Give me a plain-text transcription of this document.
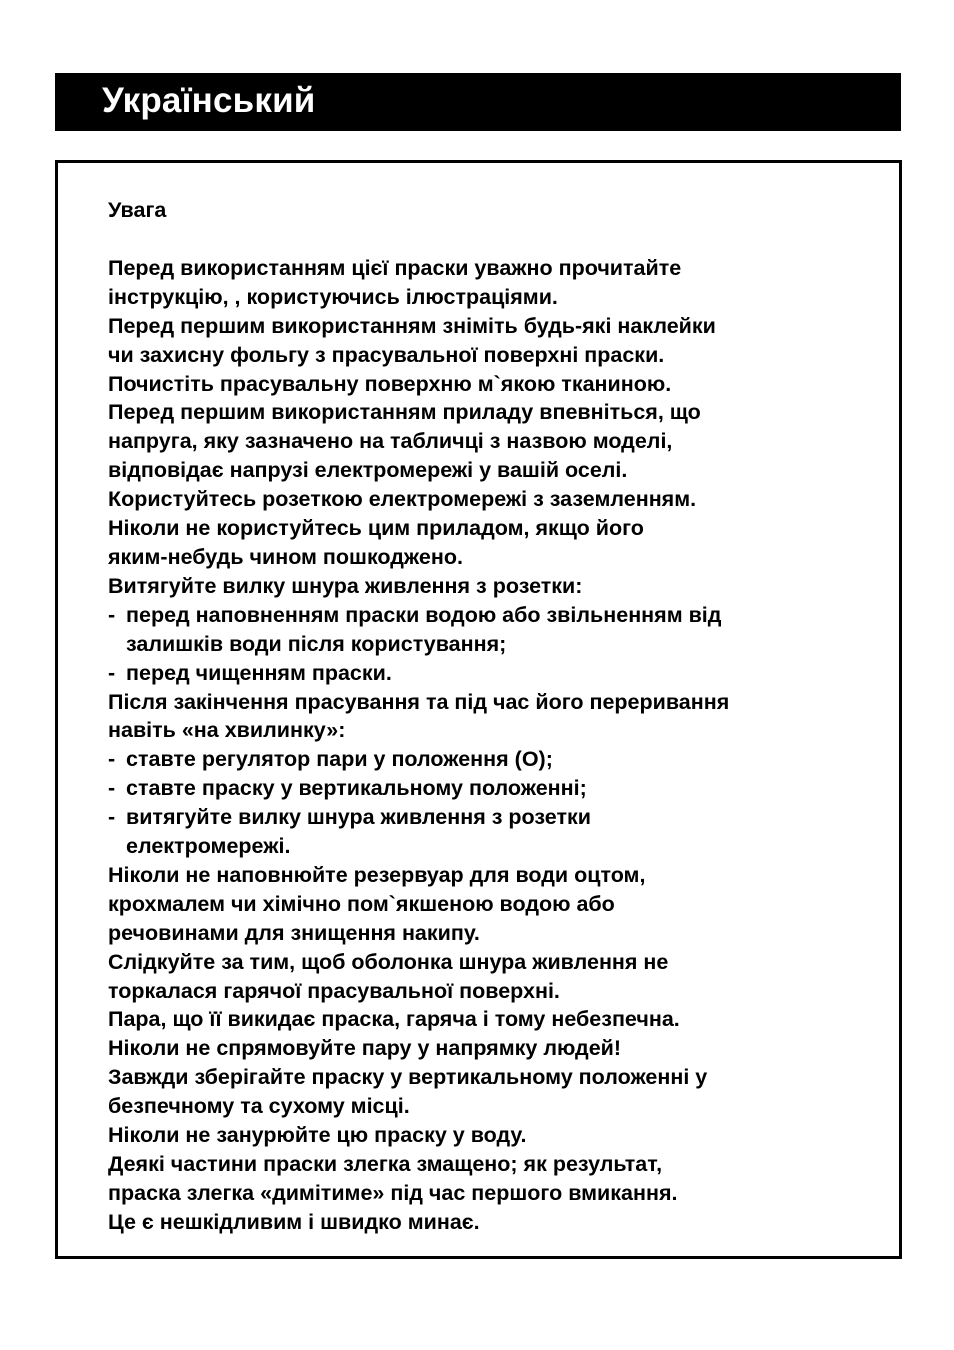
Український

Увага

Перед використанням цієї праски уважно прочитайте

інструкцію, , користуючись ілюстраціями.

Перед першим використанням зніміть будь-які наклейки

чи захисну фольгу з прасувальної поверхні праски.

Почистіть прасувальну поверхню м`якою тканиною.

Перед першим використанням приладу впевніться, що

напруга, яку зазначено на табличці з назвою моделі,

відповідає напрузі електромережі у вашій оселі.

Користуйтесь розеткою електромережі з заземленням.

Ніколи не користуйтесь цим приладом, якщо його

яким-небудь чином пошкоджено.

Витягуйте вилку шнура живлення з розетки:

- перед наповненням праски водою або звільненням від

залишків води після користування;

- перед чищенням праски.

Після закінчення прасування та під час його переривання

навіть «на хвилинку»:

- ставте регулятор пари у положення (О);

- ставте праску у вертикальному положенні;

- витягуйте вилку шнура живлення з розетки

електромережі.

Ніколи не наповнюйте резервуар для води оцтом,

крохмалем чи хімічно пом`якшеною водою або

речовинами для знищення накипу.

Слідкуйте за тим, щоб оболонка шнура живлення не

торкалася гарячої прасувальної поверхні.

Пара, що її викидає праска, гаряча і тому небезпечна.

Ніколи не спрямовуйте пару у напрямку людей!

Завжди зберігайте праску у вертикальному положенні у

безпечному та сухому місці.

Ніколи не занурюйте цю праску у воду.

Деякі частини праски злегка змащено; як результат,

праска злегка «димітиме» під час першого вмикання.

Це є нешкідливим і швидко минає.
